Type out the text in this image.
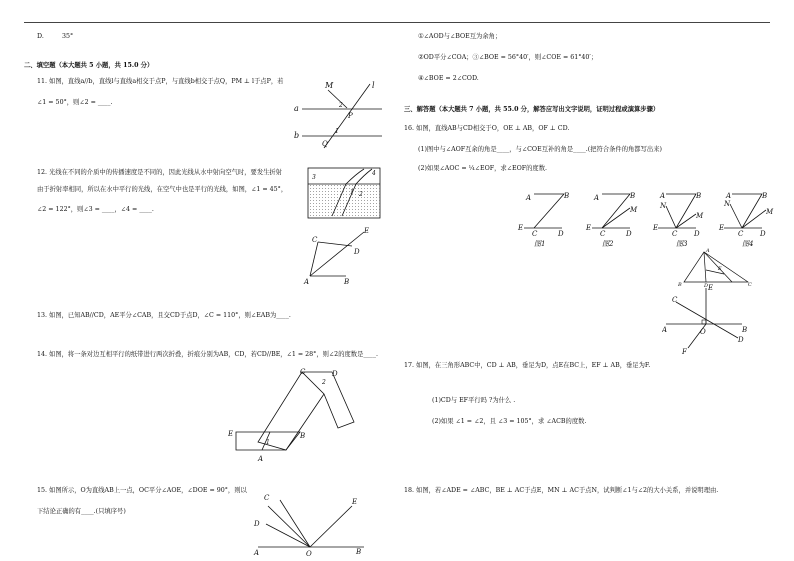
D.	35°
二、填空题（本大题共 5 小题，共 15.0 分）
11. 如图，直线a//b，直线l与直线a相交于点P，与直线b相交于点Q，PM ⊥ l于点P，若
∠1 = 50°，则∠2 = ____.
a
b
l
M
P
Q
2
1
12. 光线在不同的介质中的传播速度是不同的，因此光线从水中射向空气时，要发生折射
由于折射率相同，所以在水中平行的光线，在空气中也是平行的光线，如图，∠1 = 45°，
∠2 = 122°，则∠3 = ____，∠4 = ____.
3
4
1 2
A	B
C
D
E
13. 如图，已知AB//CD，AE平分∠CAB，且交CD于点D，∠C = 110°，则∠EAB为____.
14. 如图，将一条对边互相平行的纸带进行两次折叠，折痕分别为AB，CD，若CD//BE，∠1 = 28°，则∠2的度数是____.
E	B
A
C	D
1
2
15. 如图所示，O为直线AB上一点，OC平分∠AOE，∠DOE = 90°，则以
下结论正确的有____.(只填序号)
A	O	B
D
C	E
①∠AOD与∠BOE互为余角；
②OD平分∠COA；③∠BOE = 56°40′，则∠COE = 61°40′；
④∠BOE = 2∠COD.
三、解答题（本大题共 7 小题，共 55.0 分，解答应写出文字说明，证明过程或演算步骤）
16. 如图，直线AB与CD相交于O，OE ⊥ AB，OF ⊥ CD.
(1)图中与∠AOF互余的角是____，与∠COE互补的角是____.(把符合条件的角都写出来)
(2)如果∠AOC = ¼∠EOF，求∠EOF的度数.
A	B
E
C	D
图1
A	B
M
E
C	D
图2
A	B
N
M
E
C D
图3
A	B
N
M
E
C D
图4
A
B	C
D
E
E
C
A	B
O
D
F
17. 如图，在三角形ABC中，CD ⊥ AB，垂足为D，点E在BC上，EF ⊥ AB，垂足为F.
(1)CD与 EF平行吗 ?为什么 .
(2)如果 ∠1 = ∠2，且 ∠3 = 105°，求 ∠ACB的度数.
18. 如图，若∠ADE = ∠ABC，BE ⊥ AC于点E，MN ⊥ AC于点N，试判断∠1与∠2的大小关系，并说明理由.
